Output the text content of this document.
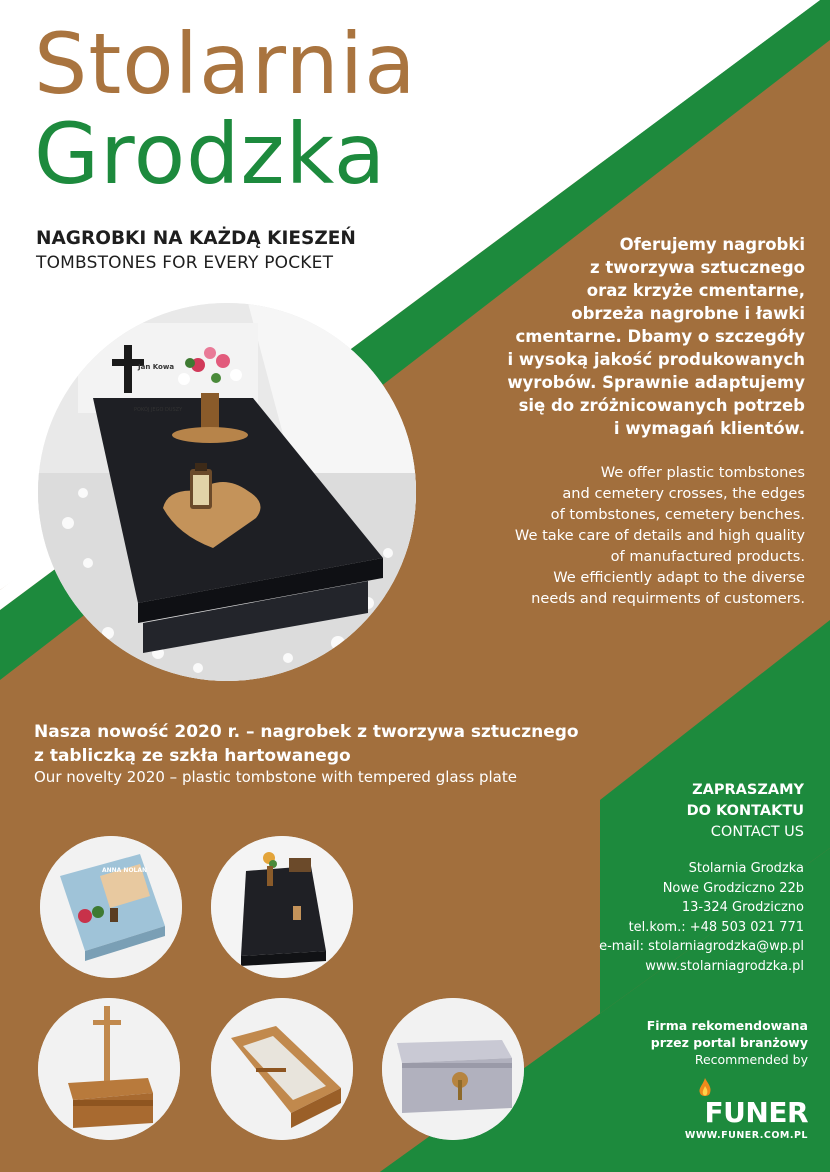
Stolarnia
Grodzka
NAGROBKI NA KAŻDĄ KIESZEŃ
TOMBSTONES FOR EVERY POCKET
Oferujemy nagrobki
z tworzywa sztucznego
oraz krzyże cmentarne,
obrzeża nagrobne i ławki
cmentarne. Dbamy o szczegóły
i wysoką jakość produkowanych
wyrobów. Sprawnie adaptujemy
się do zróżnicowanych potrzeb
i wymagań klientów.
We offer plastic tombstones
and cemetery crosses, the edges
of tombstones, cemetery benches.
We take care of details and high quality
of manufactured products.
We efficiently adapt to the diverse
needs and requirments of customers.
Jan Kowa
POKÓJ JEGO DUSZY
Nasza nowość 2020 r. – nagrobek z tworzywa sztucznego
z tabliczką ze szkła hartowanego
Our novelty 2020 – plastic tombstone with tempered glass plate
ZAPRASZAMY
DO KONTAKTU
CONTACT US
Stolarnia Grodzka
Nowe Grodziczno 22b
13-324 Grodziczno
tel.kom.: +48 503 021 771
e-mail: stolarniagrodzka@wp.pl
www.stolarniagrodzka.pl
ANNA NOLAN
Firma rekomendowana
przez portal branżowy
Recommended by
FUNER
WWW.FUNER.COM.PL
